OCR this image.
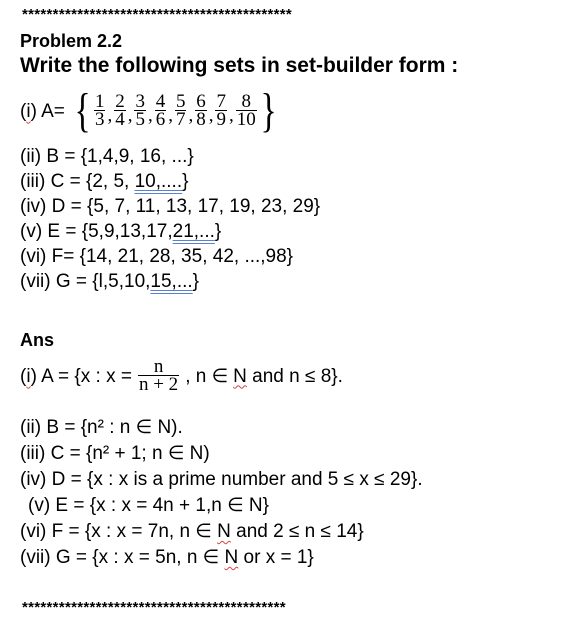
********************************************
Problem 2.2
Write the following sets in set-builder form :
(i) A= { $\frac{1}{3}$ , $\frac{2}{4}$ , $\frac{3}{5}$ , $\frac{4}{6}$ , $\frac{5}{7}$ , $\frac{6}{8}$ , $\frac{7}{9}$ , $\frac{8}{10}$ }
(ii) B = {1,4,9, 16, ...}
(iii) C = {2, 5, 10,....}
(iv) D = {5, 7, 11, 13, 17, 19, 23, 29}
(v) E = {5,9,13,17,21,...}
(vi) F= {14, 21, 28, 35, 42, ...,98}
(vii) G = {l,5,10,15,...}
Ans
(i) A = {x : $x = \frac{n}{n + 2}$ , n ∈ N and n ≤ 8}.
(ii) B = {n² : n ∈ N).
(iii) C = {n² + 1; n ∈ N)
(iv) D = {x : x is a prime number and 5 ≤ x ≤ 29}.
(v) E = {x : x = 4n + 1,n ∈ N}
(vi) F = {x : x = 7n, n ∈ N and 2 ≤ n ≤ 14}
(vii) G = {x : x = 5n, n ∈ N or x = 1}
*******************************************
